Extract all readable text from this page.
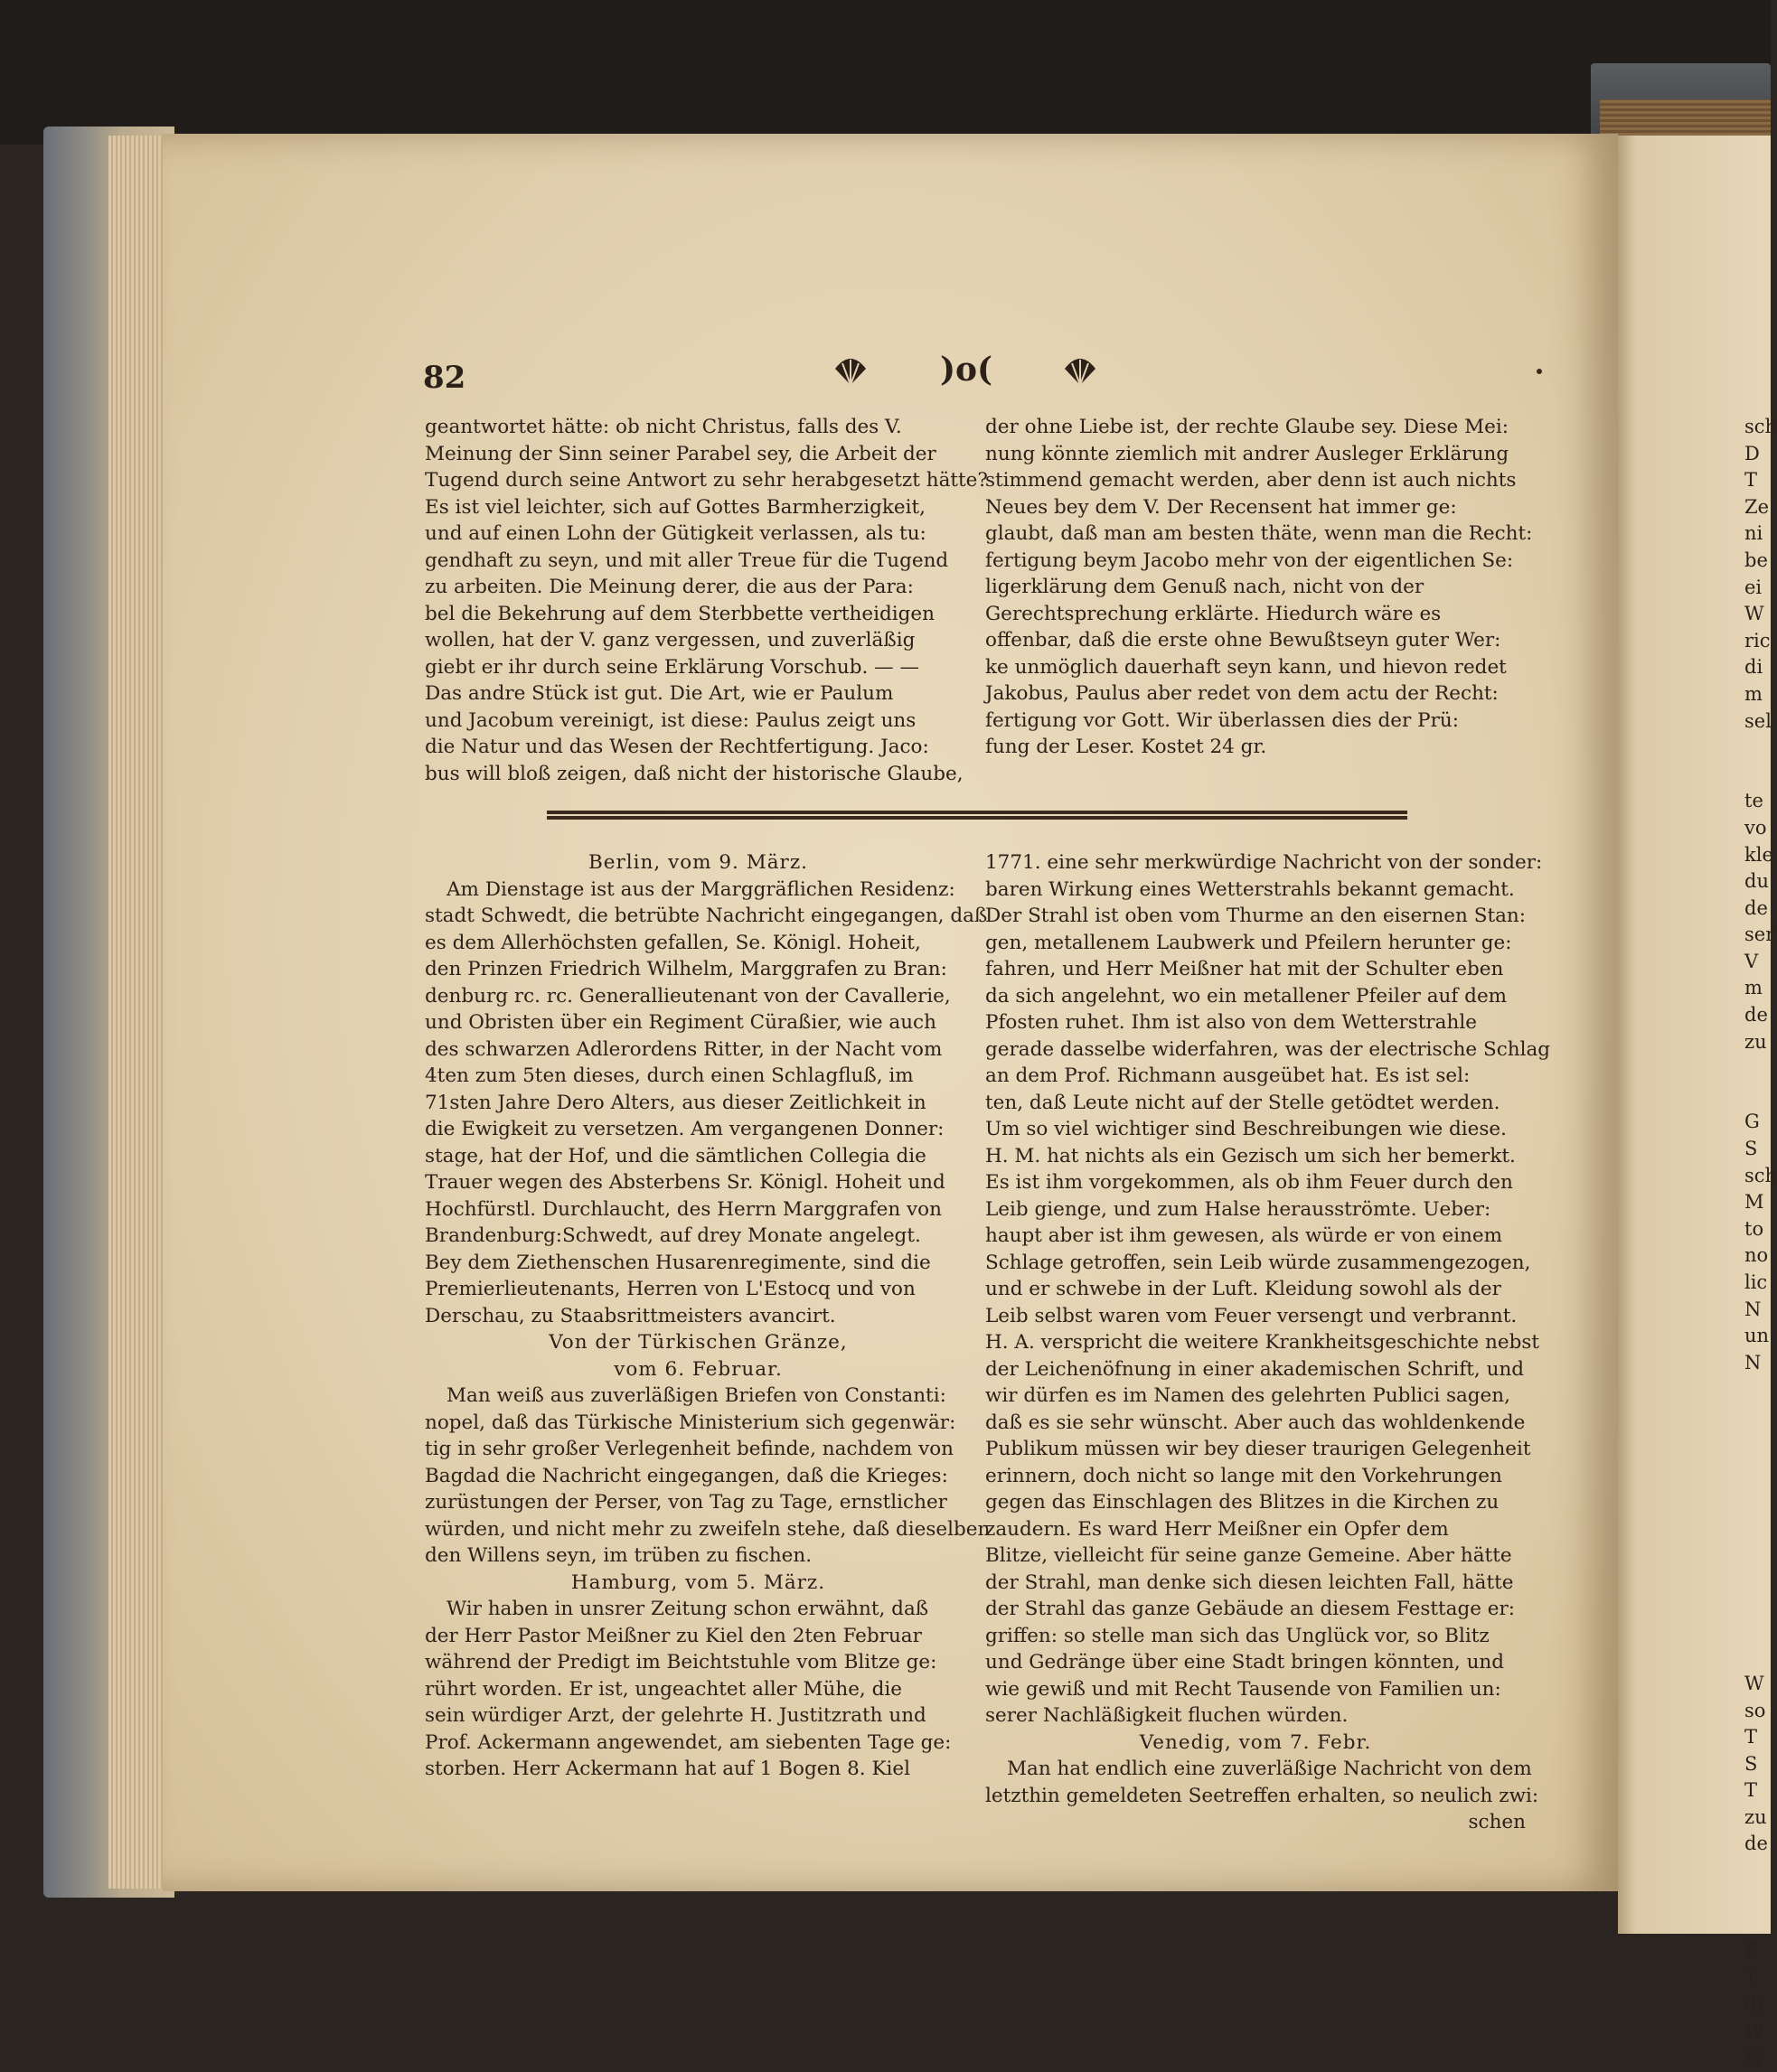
82	)o(
geantwortet hätte: ob nicht Christus, falls des V.
Meinung der Sinn seiner Parabel sey, die Arbeit der
Tugend durch seine Antwort zu sehr herabgesetzt hätte?
Es ist viel leichter, sich auf Gottes Barmherzigkeit,
und auf einen Lohn der Gütigkeit verlassen, als tu:
gendhaft zu seyn, und mit aller Treue für die Tugend
zu arbeiten. Die Meinung derer, die aus der Para:
bel die Bekehrung auf dem Sterbbette vertheidigen
wollen, hat der V. ganz vergessen, und zuverläßig
giebt er ihr durch seine Erklärung Vorschub. — —
Das andre Stück ist gut. Die Art, wie er Paulum
und Jacobum vereinigt, ist diese: Paulus zeigt uns
die Natur und das Wesen der Rechtfertigung. Jaco:
bus will bloß zeigen, daß nicht der historische Glaube,
der ohne Liebe ist, der rechte Glaube sey. Diese Mei:
nung könnte ziemlich mit andrer Ausleger Erklärung
stimmend gemacht werden, aber denn ist auch nichts
Neues bey dem V. Der Recensent hat immer ge:
glaubt, daß man am besten thäte, wenn man die Recht:
fertigung beym Jacobo mehr von der eigentlichen Se:
ligerklärung dem Genuß nach, nicht von der
Gerechtsprechung erklärte. Hiedurch wäre es
offenbar, daß die erste ohne Bewußtseyn guter Wer:
ke unmöglich dauerhaft seyn kann, und hievon redet
Jakobus, Paulus aber redet von dem actu der Recht:
fertigung vor Gott. Wir überlassen dies der Prü:
fung der Leser. Kostet 24 gr.
Berlin, vom 9. März.
Am Dienstage ist aus der Marggräflichen Residenz:
stadt Schwedt, die betrübte Nachricht eingegangen, daß
es dem Allerhöchsten gefallen, Se. Königl. Hoheit,
den Prinzen Friedrich Wilhelm, Marggrafen zu Bran:
denburg rc. rc. Generallieutenant von der Cavallerie,
und Obristen über ein Regiment Cüraßier, wie auch
des schwarzen Adlerordens Ritter, in der Nacht vom
4ten zum 5ten dieses, durch einen Schlagfluß, im
71sten Jahre Dero Alters, aus dieser Zeitlichkeit in
die Ewigkeit zu versetzen. Am vergangenen Donner:
stage, hat der Hof, und die sämtlichen Collegia die
Trauer wegen des Absterbens Sr. Königl. Hoheit und
Hochfürstl. Durchlaucht, des Herrn Marggrafen von
Brandenburg:Schwedt, auf drey Monate angelegt.
Bey dem Ziethenschen Husarenregimente, sind die
Premierlieutenants, Herren von L'Estocq und von
Derschau, zu Staabsrittmeisters avancirt.
Von der Türkischen Gränze,
vom 6. Februar.
Man weiß aus zuverläßigen Briefen von Constanti:
nopel, daß das Türkische Ministerium sich gegenwär:
tig in sehr großer Verlegenheit befinde, nachdem von
Bagdad die Nachricht eingegangen, daß die Krieges:
zurüstungen der Perser, von Tag zu Tage, ernstlicher
würden, und nicht mehr zu zweifeln stehe, daß dieselben
den Willens seyn, im trüben zu fischen.
Hamburg, vom 5. März.
Wir haben in unsrer Zeitung schon erwähnt, daß
der Herr Pastor Meißner zu Kiel den 2ten Februar
während der Predigt im Beichtstuhle vom Blitze ge:
rührt worden. Er ist, ungeachtet aller Mühe, die
sein würdiger Arzt, der gelehrte H. Justitzrath und
Prof. Ackermann angewendet, am siebenten Tage ge:
storben. Herr Ackermann hat auf 1 Bogen 8. Kiel
1771. eine sehr merkwürdige Nachricht von der sonder:
baren Wirkung eines Wetterstrahls bekannt gemacht.
Der Strahl ist oben vom Thurme an den eisernen Stan:
gen, metallenem Laubwerk und Pfeilern herunter ge:
fahren, und Herr Meißner hat mit der Schulter eben
da sich angelehnt, wo ein metallener Pfeiler auf dem
Pfosten ruhet. Ihm ist also von dem Wetterstrahle
gerade dasselbe widerfahren, was der electrische Schlag
an dem Prof. Richmann ausgeübet hat. Es ist sel:
ten, daß Leute nicht auf der Stelle getödtet werden.
Um so viel wichtiger sind Beschreibungen wie diese.
H. M. hat nichts als ein Gezisch um sich her bemerkt.
Es ist ihm vorgekommen, als ob ihm Feuer durch den
Leib gienge, und zum Halse herausströmte. Ueber:
haupt aber ist ihm gewesen, als würde er von einem
Schlage getroffen, sein Leib würde zusammengezogen,
und er schwebe in der Luft. Kleidung sowohl als der
Leib selbst waren vom Feuer versengt und verbrannt.
H. A. verspricht die weitere Krankheitsgeschichte nebst
der Leichenöfnung in einer akademischen Schrift, und
wir dürfen es im Namen des gelehrten Publici sagen,
daß es sie sehr wünscht. Aber auch das wohldenkende
Publikum müssen wir bey dieser traurigen Gelegenheit
erinnern, doch nicht so lange mit den Vorkehrungen
gegen das Einschlagen des Blitzes in die Kirchen zu
zaudern. Es ward Herr Meißner ein Opfer dem
Blitze, vielleicht für seine ganze Gemeine. Aber hätte
der Strahl, man denke sich diesen leichten Fall, hätte
der Strahl das ganze Gebäude an diesem Festtage er:
griffen: so stelle man sich das Unglück vor, so Blitz
und Gedränge über eine Stadt bringen könnten, und
wie gewiß und mit Recht Tausende von Familien un:
serer Nachläßigkeit fluchen würden.
Venedig, vom 7. Febr.
Man hat endlich eine zuverläßige Nachricht von dem
letzthin gemeldeten Seetreffen erhalten, so neulich zwi:
schen
sch
D
T
Ze
ni
be
ei
W
ric
di
m
sel

te
vo
kle
du
de
ser
V
m
de
zu

G
S
sch
M
to
no
lic
N
un
N

W
so
T
S
T
zu
de

E
T
di
W
W
